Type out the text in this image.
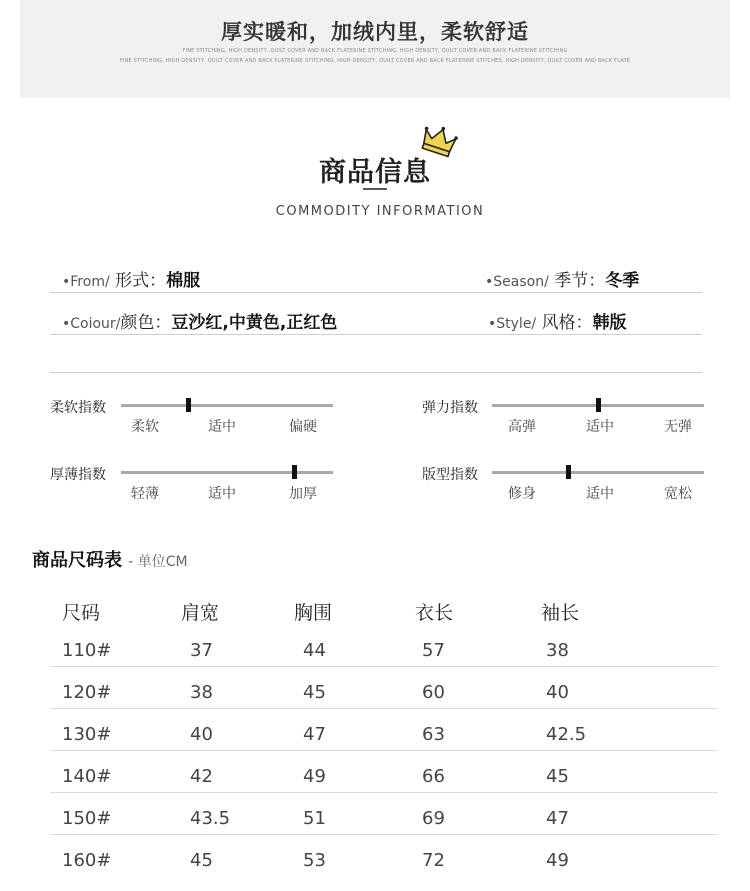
厚实暖和，加绒内里，柔软舒适
FINE STITCHING, HIGH DENSITY, QUILT COVER AND BACK FLATERINE STITCHING, HIGH DENSITY, QUILT COVER AND BACK FLATERINE STITCHING
FINE STITCHING, HIGH DENSITY, QUILT COVER AND BACK FLATERINE STITCHING, HIGH DENSITY, QUILT COVER AND BACK FLATERINE STITCHES, HIGH DENSITY, QUILT COVER AND BACK FLATE
商品信息
COMMODITY INFORMATION
•From/ 形式：棉服	•Season/ 季节：冬季
•Coiour/颜色：豆沙红,中黄色,正红色	•Style/ 风格：韩版
柔软指数
柔软	适中	偏硬
弹力指数
高弹	适中	无弹
厚薄指数
轻薄	适中	加厚
版型指数
修身	适中	宽松
商品尺码表 - 单位CM
尺码	肩宽	胸围	衣长	袖长
110#	37	44	57	38
120#	38	45	60	40
130#	40	47	63	42.5
140#	42	49	66	45
150#	43.5	51	69	47
160#	45	53	72	49
